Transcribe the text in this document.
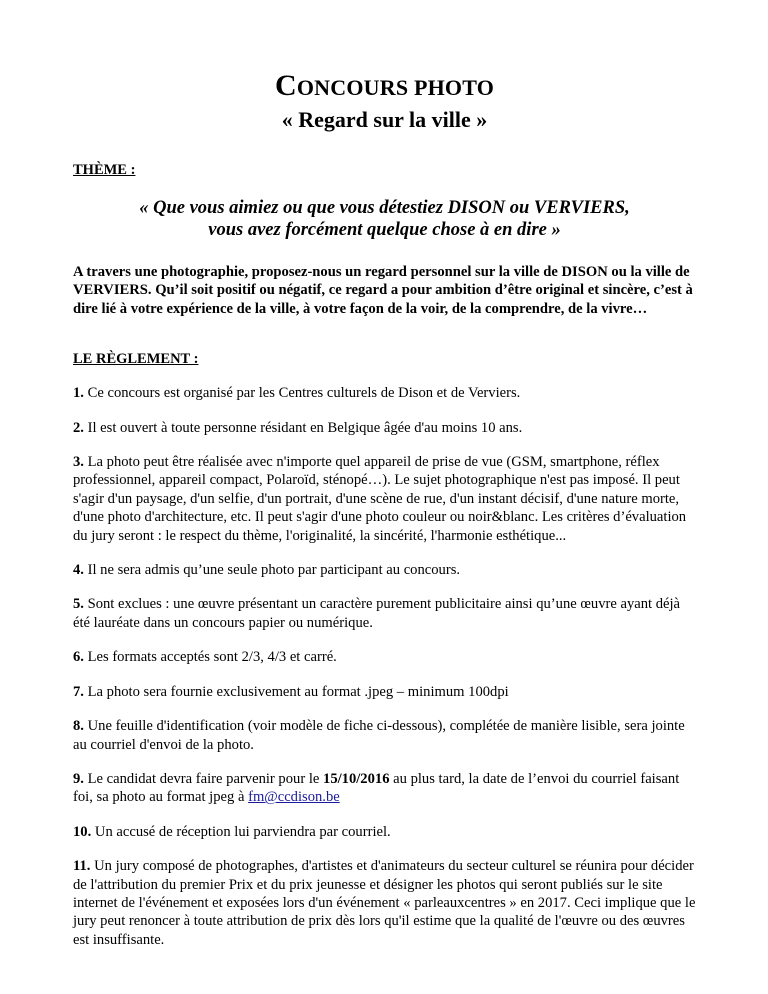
CONCOURS PHOTO
« Regard sur la ville »
THÈME :
« Que vous aimiez ou que vous détestiez DISON ou VERVIERS,
vous avez forcément quelque chose à en dire »

A travers une photographie, proposez-nous un regard personnel sur la ville de DISON ou la ville de VERVIERS. Qu’il soit positif ou négatif, ce regard a pour ambition d’être original et sincère, c’est à dire lié à votre expérience de la ville, à votre façon de la voir, de la comprendre, de la vivre…

LE RÈGLEMENT :

1. Ce concours est organisé par les Centres culturels de Dison et de Verviers.

2. Il est ouvert à toute personne résidant en Belgique âgée d'au moins 10 ans.

3. La photo peut être réalisée avec n'importe quel appareil de prise de vue (GSM, smartphone, réflex professionnel, appareil compact, Polaroïd, sténopé…). Le sujet photographique n'est pas imposé. Il peut s'agir d'un paysage, d'un selfie, d'un portrait, d'une scène de rue, d'un instant décisif, d'une nature morte, d'une photo d'architecture, etc. Il peut s'agir d'une photo couleur ou noir&blanc. Les critères d’évaluation du jury seront : le respect du thème, l'originalité, la sincérité, l'harmonie esthétique...

4. Il ne sera admis qu’une seule photo par participant au concours.

5. Sont exclues : une œuvre présentant un caractère purement publicitaire ainsi qu’une œuvre ayant déjà été lauréate dans un concours papier ou numérique.

6. Les formats acceptés sont 2/3, 4/3 et carré.

7. La photo sera fournie exclusivement au format .jpeg – minimum 100dpi

8. Une feuille d'identification (voir modèle de fiche ci-dessous), complétée de manière lisible, sera jointe au courriel d'envoi de la photo.

9. Le candidat devra faire parvenir pour le 15/10/2016 au plus tard, la date de l’envoi du courriel faisant foi, sa photo au format jpeg à fm@ccdison.be

10. Un accusé de réception lui parviendra par courriel.

11. Un jury composé de photographes, d'artistes et d'animateurs du secteur culturel se réunira pour décider de l'attribution du premier Prix et du prix jeunesse et désigner les photos qui seront publiés sur le site internet de l'événement et exposées lors d'un événement « parleauxcentres » en 2017. Ceci implique que le jury peut renoncer à toute attribution de prix dès lors qu'il estime que la qualité de l'œuvre ou des œuvres est insuffisante.
